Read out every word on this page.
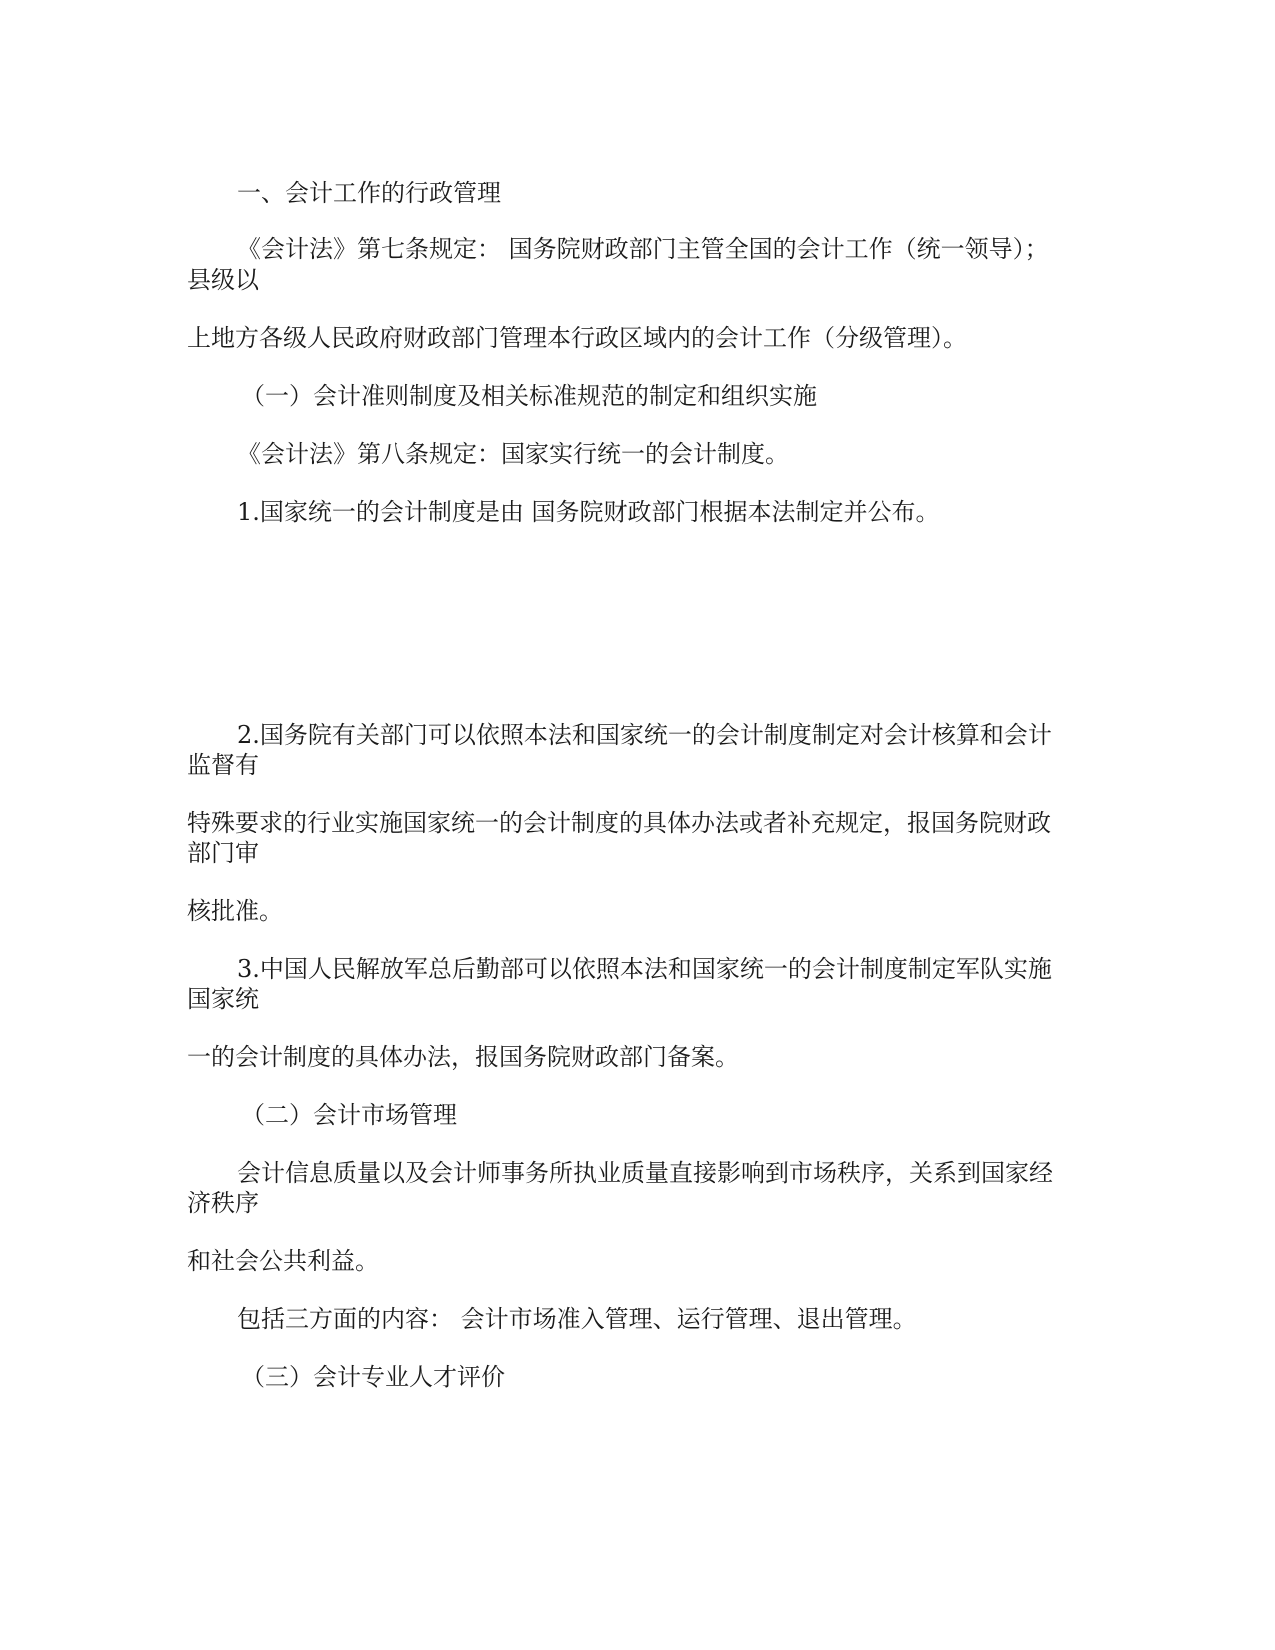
一、会计工作的行政管理
《会计法》第七条规定： 国务院财政部门主管全国的会计工作（统一领导）；
县级以
上地方各级人民政府财政部门管理本行政区域内的会计工作（分级管理）。
（一）会计准则制度及相关标准规范的制定和组织实施
《会计法》第八条规定：国家实行统一的会计制度。
1.国家统一的会计制度是由 国务院财政部门根据本法制定并公布。
2.国务院有关部门可以依照本法和国家统一的会计制度制定对会计核算和会计
监督有
特殊要求的行业实施国家统一的会计制度的具体办法或者补充规定，报国务院财政
部门审
核批准。
3.中国人民解放军总后勤部可以依照本法和国家统一的会计制度制定军队实施
国家统
一的会计制度的具体办法，报国务院财政部门备案。
（二）会计市场管理
会计信息质量以及会计师事务所执业质量直接影响到市场秩序，关系到国家经
济秩序
和社会公共利益。
包括三方面的内容： 会计市场准入管理、运行管理、退出管理。
（三）会计专业人才评价
